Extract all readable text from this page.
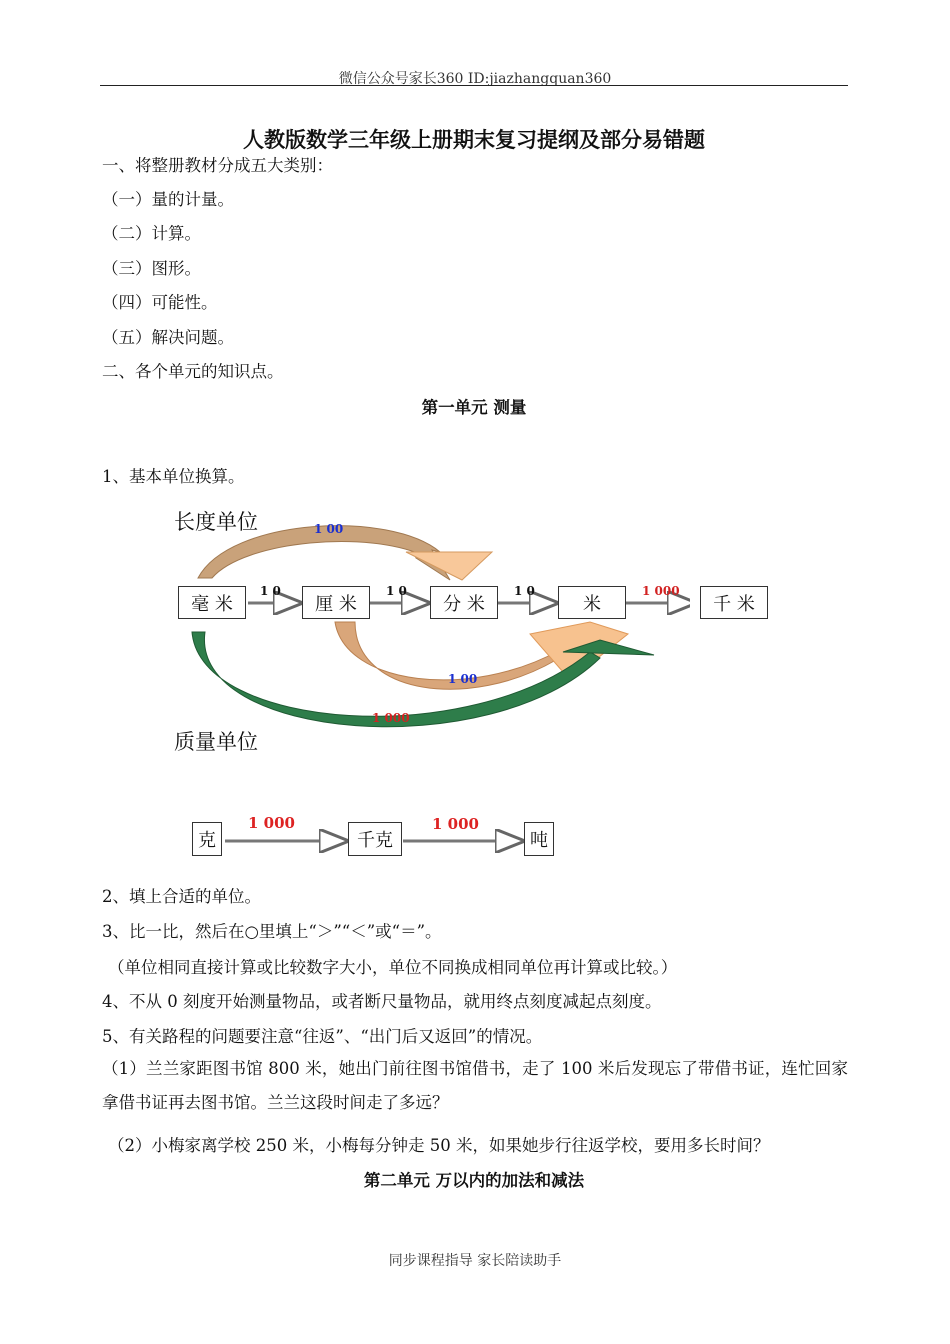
微信公众号家长360 ID:jiazhangquan360
人教版数学三年级上册期末复习提纲及部分易错题
一、将整册教材分成五大类别：
（一）量的计量。
（二）计算。
（三）图形。
（四）可能性。
（五）解决问题。
二、各个单元的知识点。
第一单元 测量
1、基本单位换算。
长度单位
质量单位
1 00
1 00
1 000
毫 米	厘 米	分 米	米
1 0	1 0	1 0	1 000
克	千克	吨
1 000	1 000
千 米
2、填上合适的单位。
3、比一比，然后在○里填上“＞”“＜”或“＝”。
（单位相同直接计算或比较数字大小，单位不同换成相同单位再计算或比较。）
4、不从 0 刻度开始测量物品，或者断尺量物品，就用终点刻度减起点刻度。
5、有关路程的问题要注意“往返”、“出门后又返回”的情况。
（1）兰兰家距图书馆 800 米，她出门前往图书馆借书，走了 100 米后发现忘了带借书证，连忙回家拿借书证再去图书馆。兰兰这段时间走了多远？
（2）小梅家离学校 250 米，小梅每分钟走 50 米，如果她步行往返学校，要用多长时间？
第二单元 万以内的加法和减法
同步课程指导 家长陪读助手
